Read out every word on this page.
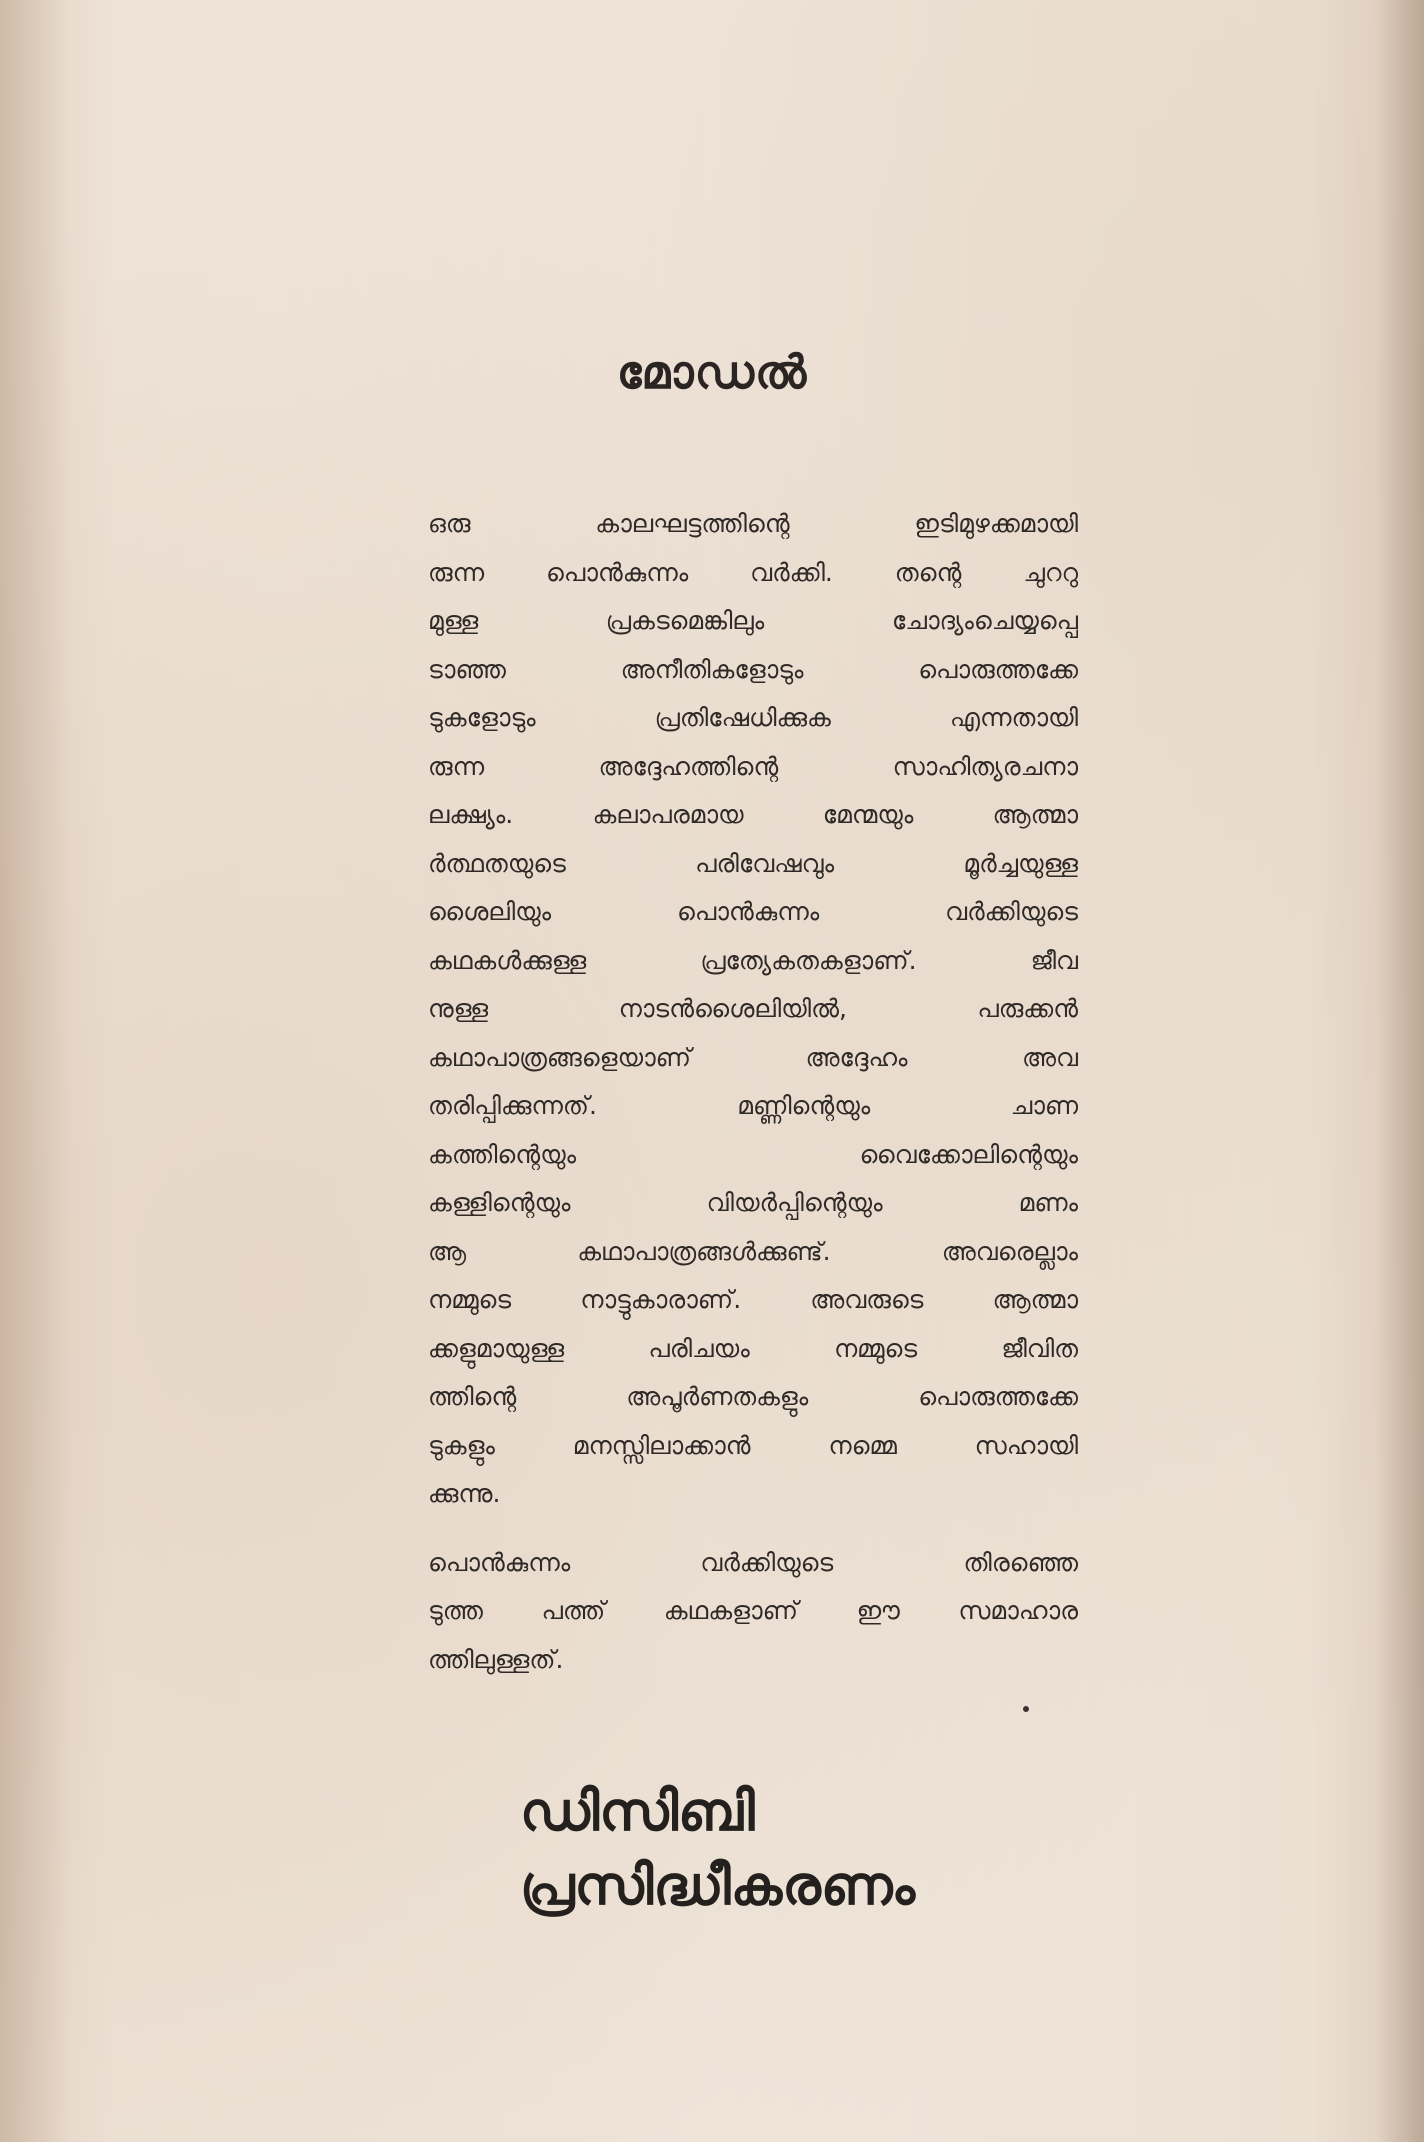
മോഡൽ
ഒരു കാലഘട്ടത്തിന്റെ ഇടിമുഴക്കമായി
രുന്ന പൊൻകുന്നം വർക്കി. തന്റെ ചുററു
മുള്ള പ്രകടമെങ്കിലും ചോദ്യംചെയ്യപ്പെ
ടാഞ്ഞ അനീതികളോടും പൊരുത്തക്കേ
ടുകളോടും പ്രതിഷേധിക്കുക എന്നതായി
രുന്ന അദ്ദേഹത്തിന്റെ സാഹിത്യരചനാ
ലക്ഷ്യം. കലാപരമായ മേന്മയും ആത്മാ
ർത്ഥതയുടെ പരിവേഷവും മൂർച്ചയുള്ള
ശൈലിയും പൊൻകുന്നം വർക്കിയുടെ
കഥകൾക്കുള്ള പ്രത്യേകതകളാണ്. ജീവ
നുള്ള നാടൻശൈലിയിൽ, പരുക്കൻ
കഥാപാത്രങ്ങളെയാണ് അദ്ദേഹം അവ
തരിപ്പിക്കുന്നത്. മണ്ണിന്റെയും ചാണ
കത്തിന്റെയും വൈക്കോലിന്റെയും
കള്ളിന്റെയും വിയർപ്പിന്റെയും മണം
ആ കഥാപാത്രങ്ങൾക്കുണ്ട്. അവരെല്ലാം
നമ്മുടെ നാട്ടുകാരാണ്. അവരുടെ ആത്മാ
ക്കളുമായുള്ള പരിചയം നമ്മുടെ ജീവിത
ത്തിന്റെ അപൂർണതകളും പൊരുത്തക്കേ
ടുകളും മനസ്സിലാക്കാൻ നമ്മെ സഹായി
ക്കുന്നു.
പൊൻകുന്നം വർക്കിയുടെ തിരഞ്ഞെ
ടുത്ത പത്ത് കഥകളാണ് ഈ സമാഹാര
ത്തിലുള്ളത്.
ഡിസിബി
പ്രസിദ്ധീകരണം
